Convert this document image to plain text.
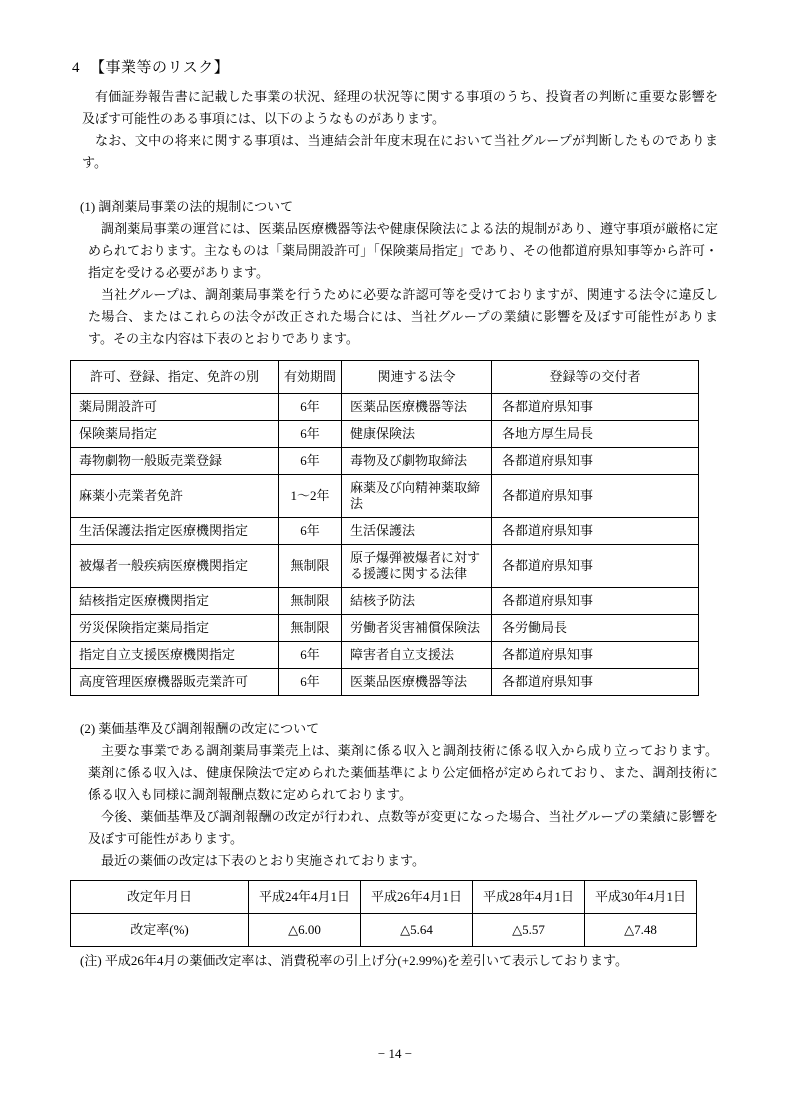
4 【事業等のリスク】

有価証券報告書に記載した事業の状況、経理の状況等に関する事項のうち、投資者の判断に重要な影響を及ぼす可能性のある事項には、以下のようなものがあります。

なお、文中の将来に関する事項は、当連結会計年度末現在において当社グループが判断したものであります。

(1) 調剤薬局事業の法的規制について

調剤薬局事業の運営には、医薬品医療機器等法や健康保険法による法的規制があり、遵守事項が厳格に定められております。主なものは「薬局開設許可」「保険薬局指定」であり、その他都道府県知事等から許可・指定を受ける必要があります。

当社グループは、調剤薬局事業を行うために必要な許認可等を受けておりますが、関連する法令に違反した場合、またはこれらの法令が改正された場合には、当社グループの業績に影響を及ぼす可能性があります。その主な内容は下表のとおりであります。

許可、登録、指定、免許の別	有効期間	関連する法令	登録等の交付者
薬局開設許可	6年	医薬品医療機器等法	各都道府県知事
保険薬局指定	6年	健康保険法	各地方厚生局長
毒物劇物一般販売業登録	6年	毒物及び劇物取締法	各都道府県知事
麻薬小売業者免許	1～2年	麻薬及び向精神薬取締法	各都道府県知事
生活保護法指定医療機関指定	6年	生活保護法	各都道府県知事
被爆者一般疾病医療機関指定	無制限	原子爆弾被爆者に対する援護に関する法律	各都道府県知事
結核指定医療機関指定	無制限	結核予防法	各都道府県知事
労災保険指定薬局指定	無制限	労働者災害補償保険法	各労働局長
指定自立支援医療機関指定	6年	障害者自立支援法	各都道府県知事
高度管理医療機器販売業許可	6年	医薬品医療機器等法	各都道府県知事

(2) 薬価基準及び調剤報酬の改定について

主要な事業である調剤薬局事業売上は、薬剤に係る収入と調剤技術に係る収入から成り立っております。薬剤に係る収入は、健康保険法で定められた薬価基準により公定価格が定められており、また、調剤技術に係る収入も同様に調剤報酬点数に定められております。

今後、薬価基準及び調剤報酬の改定が行われ、点数等が変更になった場合、当社グループの業績に影響を及ぼす可能性があります。

最近の薬価の改定は下表のとおり実施されております。

改定年月日	平成24年4月1日	平成26年4月1日	平成28年4月1日	平成30年4月1日
改定率(%)	△6.00	△5.64	△5.57	△7.48

(注) 平成26年4月の薬価改定率は、消費税率の引上げ分(+2.99%)を差引いて表示しております。

− 14 −
